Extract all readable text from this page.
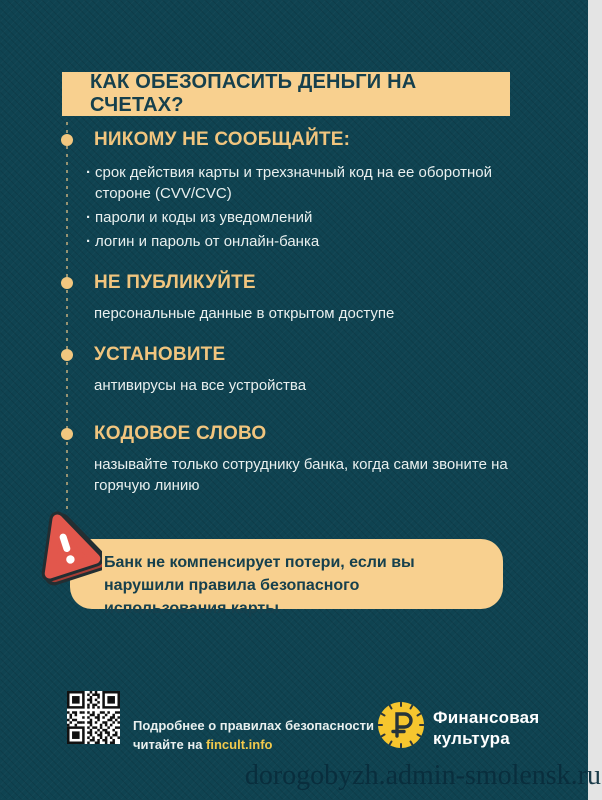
КАК ОБЕЗОПАСИТЬ ДЕНЬГИ НА СЧЕТАХ?
НИКОМУ НЕ СООБЩАЙТЕ:
· срок действия карты и трехзначный код на ее оборотной стороне (CVV/CVC)
· пароли и коды из уведомлений
· логин и пароль от онлайн-банка
НЕ ПУБЛИКУЙТЕ

персональные данные в открытом доступе

УСТАНОВИТЕ

антивирусы на все устройства

КОДОВОЕ СЛОВО

называйте только сотруднику банка, когда сами звоните на горячую линию

Банк не компенсирует потери, если вы нарушили правила безопасного использования карты

Подробнее о правилах безопасности
читайте на fincult.info
Финансовая
культура
dorogobyzh.admin-smolensk.ru
